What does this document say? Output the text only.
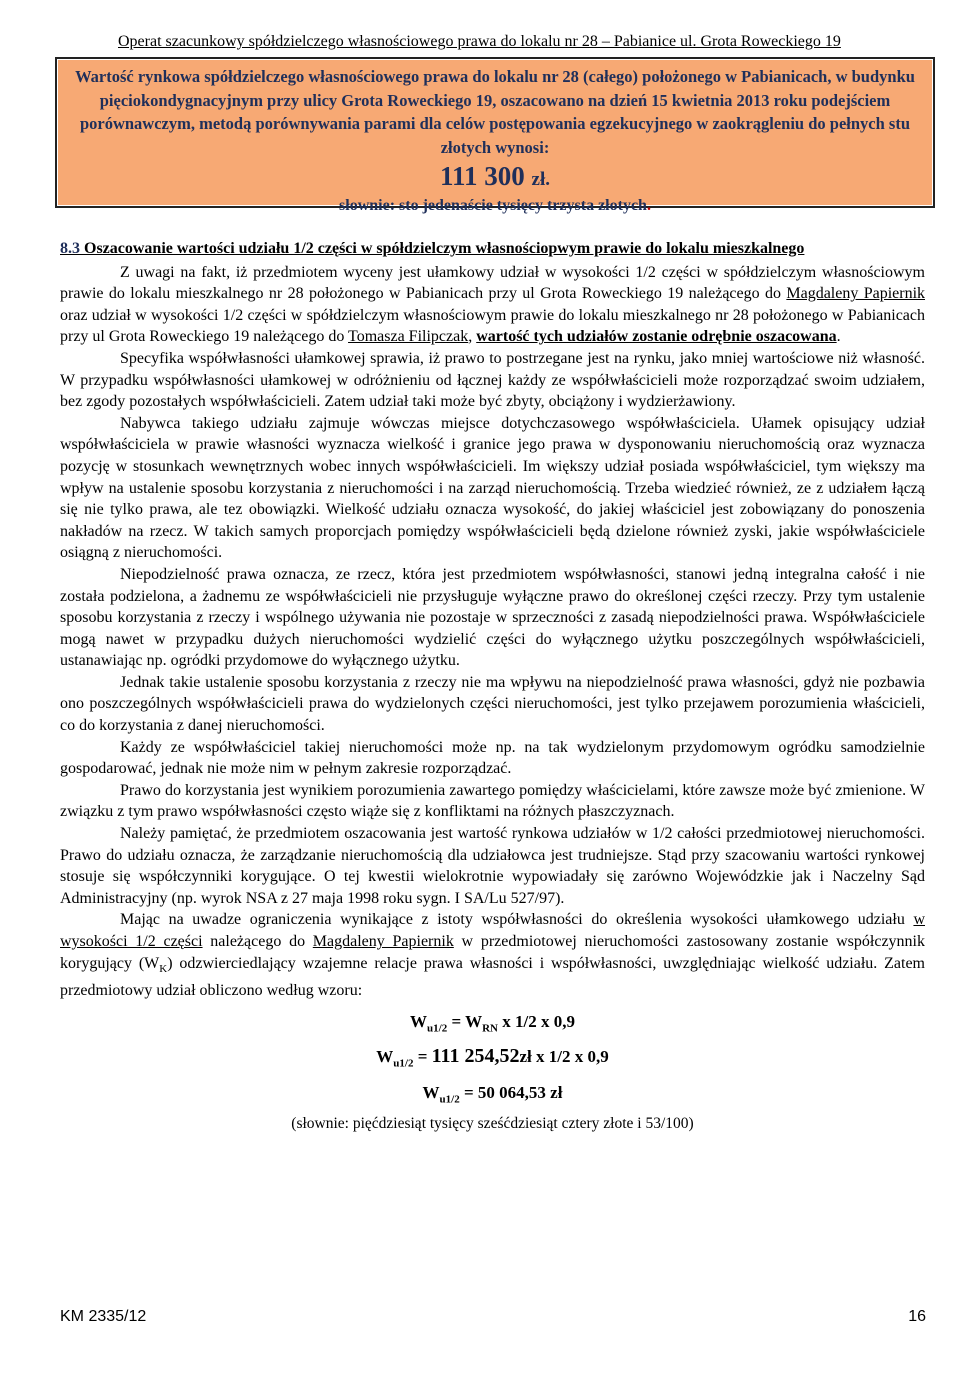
Operat szacunkowy spółdzielczego własnościowego prawa do lokalu nr 28 – Pabianice ul. Grota Roweckiego 19
Wartość rynkowa spółdzielczego własnościowego prawa do lokalu nr 28 (całego) położonego w Pabianicach, w budynku pięciokondygnacyjnym przy ulicy Grota Roweckiego 19, oszacowano na dzień 15 kwietnia 2013 roku podejściem porównawczym, metodą porównywania parami dla celów postępowania egzekucyjnego w zaokrągleniu do pełnych stu złotych wynosi:
111 300 zł.
słownie: sto jedenaście tysięcy trzysta złotych.
8.3 Oszacowanie wartości udziału 1/2 części w spółdzielczym własnościopwym prawie do lokalu mieszkalnego

Z uwagi na fakt, iż przedmiotem wyceny jest ułamkowy udział w wysokości 1/2 części w spółdzielczym własnościowym prawie do lokalu mieszkalnego nr 28 położonego w Pabianicach przy ul Grota Roweckiego 19 należącego do Magdaleny Papiernik oraz udział w wysokości 1/2 części w spółdzielczym własnościowym prawie do lokalu mieszkalnego nr 28 położonego w Pabianicach przy ul Grota Roweckiego 19 należącego do Tomasza Filipczak, wartość tych udziałów zostanie odrębnie oszacowana.

Specyfika współwłasności ułamkowej sprawia, iż prawo to postrzegane jest na rynku, jako mniej wartościowe niż własność. W przypadku współwłasności ułamkowej w odróżnieniu od łącznej każdy ze współwłaścicieli może rozporządzać swoim udziałem, bez zgody pozostałych współwłaścicieli. Zatem udział taki może być zbyty, obciążony i wydzierżawiony.

Nabywca takiego udziału zajmuje wówczas miejsce dotychczasowego współwłaściciela. Ułamek opisujący udział współwłaściciela w prawie własności wyznacza wielkość i granice jego prawa w dysponowaniu nieruchomością oraz wyznacza pozycję w stosunkach wewnętrznych wobec innych współwłaścicieli. Im większy udział posiada współwłaściciel, tym większy ma wpływ na ustalenie sposobu korzystania z nieruchomości i na zarząd nieruchomością. Trzeba wiedzieć również, ze z udziałem łączą się nie tylko prawa, ale tez obowiązki. Wielkość udziału oznacza wysokość, do jakiej właściciel jest zobowiązany do ponoszenia nakładów na rzecz. W takich samych proporcjach pomiędzy współwłaścicieli będą dzielone również zyski, jakie współwłaściciele osiągną z nieruchomości.

Niepodzielność prawa oznacza, ze rzecz, która jest przedmiotem współwłasności, stanowi jedną integralna całość i nie została podzielona, a żadnemu ze współwłaścicieli nie przysługuje wyłączne prawo do określonej części rzeczy. Przy tym ustalenie sposobu korzystania z rzeczy i wspólnego używania nie pozostaje w sprzeczności z zasadą niepodzielności prawa. Współwłaściciele mogą nawet w przypadku dużych nieruchomości wydzielić części do wyłącznego użytku poszczególnych współwłaścicieli, ustanawiając np. ogródki przydomowe do wyłącznego użytku.

Jednak takie ustalenie sposobu korzystania z rzeczy nie ma wpływu na niepodzielność prawa własności, gdyż nie pozbawia ono poszczególnych współwłaścicieli prawa do wydzielonych części nieruchomości, jest tylko przejawem porozumienia właścicieli, co do korzystania z danej nieruchomości.

Każdy ze współwłaściciel takiej nieruchomości może np. na tak wydzielonym przydomowym ogródku samodzielnie gospodarować, jednak nie może nim w pełnym zakresie rozporządzać.

Prawo do korzystania jest wynikiem porozumienia zawartego pomiędzy właścicielami, które zawsze może być zmienione. W związku z tym prawo współwłasności często wiąże się z konfliktami na różnych płaszczyznach.

Należy pamiętać, że przedmiotem oszacowania jest wartość rynkowa udziałów w 1/2 całości przedmiotowej nieruchomości. Prawo do udziału oznacza, że zarządzanie nieruchomością dla udziałowca jest trudniejsze. Stąd przy szacowaniu wartości rynkowej stosuje się współczynniki korygujące. O tej kwestii wielokrotnie wypowiadały się zarówno Wojewódzkie jak i Naczelny Sąd Administracyjny (np. wyrok NSA z 27 maja 1998 roku sygn. I SA/Lu 527/97).

Mając na uwadze ograniczenia wynikające z istoty współwłasności do określenia wysokości ułamkowego udziału w wysokości 1/2 części należącego do Magdaleny Papiernik w przedmiotowej nieruchomości zastosowany zostanie współczynnik korygujący $(W_K)$ odzwierciedlający wzajemne relacje prawa własności i współwłasności, uwzględniając wielkość udziału. Zatem przedmiotowy udział obliczono według wzoru:

$W_{u1/2} = W_{RN}$ x 1/2 x 0,9
$W_{u1/2} = 111$ 254,52zł x 1/2 x 0,9
$W_{u1/2} = 50$ 064,53 zł
(słownie: pięćdziesiąt tysięcy sześćdziesiąt cztery złote i 53/100)
KM 2335/12	16
